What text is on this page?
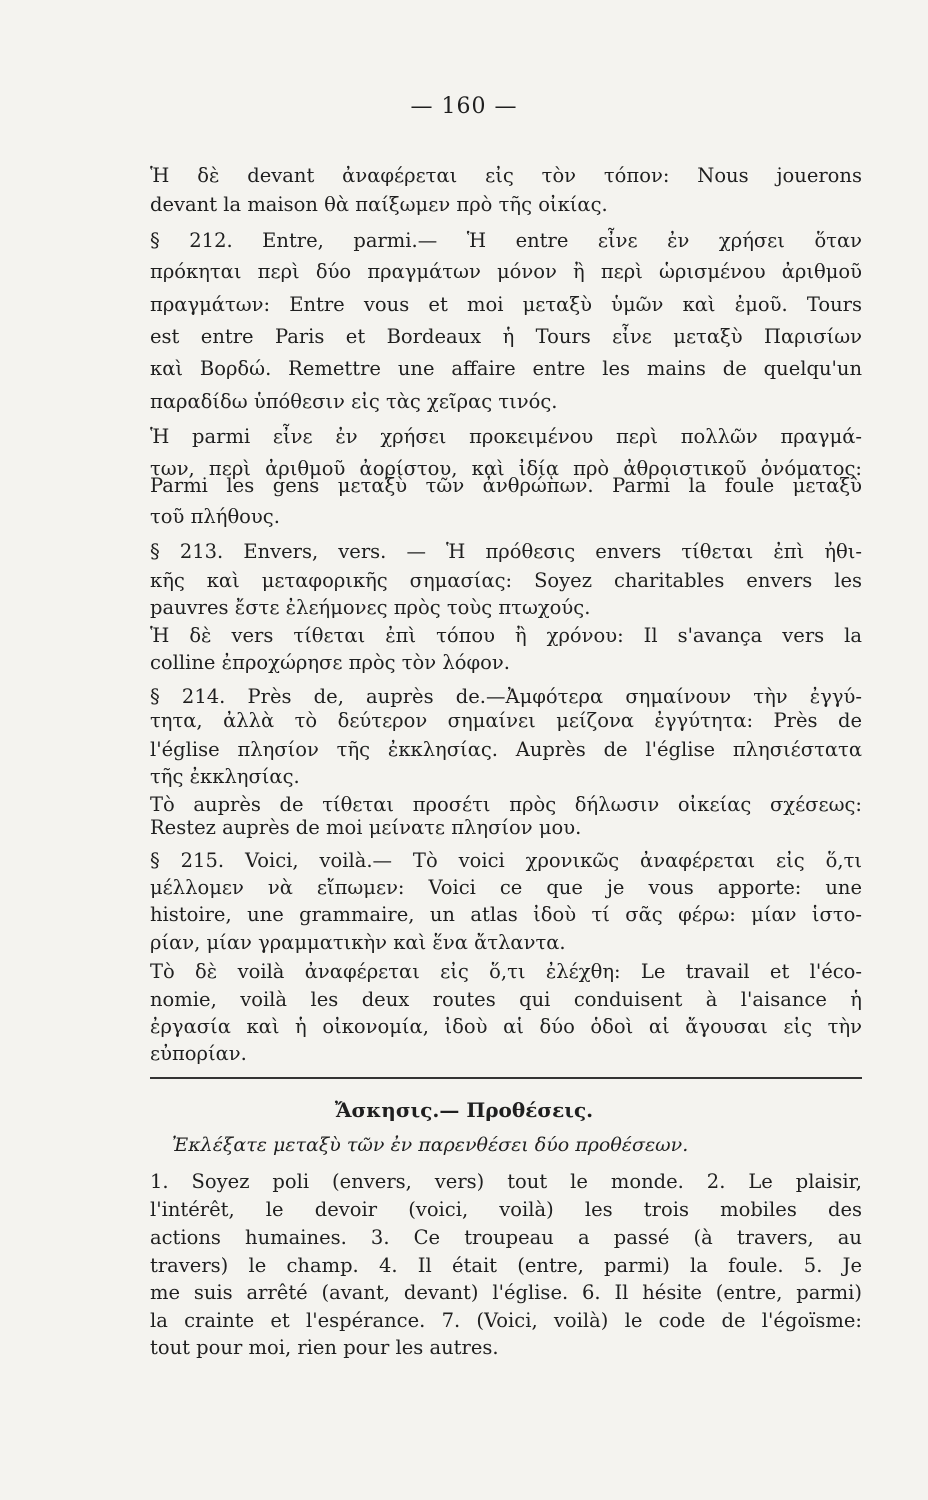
— 160 —
Ἡ δὲ devant ἀναφέρεται εἰς τὸν τόπον: Nous jouerons
devant la maison θὰ παίξωμεν πρὸ τῆς οἰκίας.
§ 212. Entre, parmi.— Ἡ entre εἶνε ἐν χρήσει ὅταν
πρόκηται περὶ δύο πραγμάτων μόνον ἢ περὶ ὡρισμένου ἀριθμοῦ
πραγμάτων: Entre vous et moi μεταξὺ ὑμῶν καὶ ἐμοῦ. Tours
est entre Paris et Bordeaux ἡ Tours εἶνε μεταξὺ Παρισίων
καὶ Βορδώ. Remettre une affaire entre les mains de quelqu'un
παραδίδω ὑπόθεσιν εἰς τὰς χεῖρας τινός.
Ἡ parmi εἶνε ἐν χρήσει προκειμένου περὶ πολλῶν πραγμά-
των, περὶ ἀριθμοῦ ἀορίστου, καὶ ἰδίᾳ πρὸ ἀθροιστικοῦ ὀνόματος:
Parmi les gens μεταξὺ τῶν ἀνθρώπων. Parmi la foule μεταξὺ
τοῦ πλήθους.
§ 213. Envers, vers. — Ἡ πρόθεσις envers τίθεται ἐπὶ ἠθι-
κῆς καὶ μεταφορικῆς σημασίας: Soyez charitables envers les
pauvres ἔστε ἐλεήμονες πρὸς τοὺς πτωχούς.
Ἡ δὲ vers τίθεται ἐπὶ τόπου ἢ χρόνου: Il s'avança vers la
colline ἐπροχώρησε πρὸς τὸν λόφον.
§ 214. Près de, auprès de.—Ἀμφότερα σημαίνουν τὴν ἐγγύ-
τητα, ἀλλὰ τὸ δεύτερον σημαίνει μείζονα ἐγγύτητα: Près de
l'église πλησίον τῆς ἐκκλησίας. Auprès de l'église πλησιέστατα
τῆς ἐκκλησίας.
Τὸ auprès de τίθεται προσέτι πρὸς δήλωσιν οἰκείας σχέσεως:
Restez auprès de moi μείνατε πλησίον μου.
§ 215. Voici, voilà.— Τὸ voici χρονικῶς ἀναφέρεται εἰς ὅ,τι
μέλλομεν νὰ εἴπωμεν: Voici ce que je vous apporte: une
histoire, une grammaire, un atlas ἰδοὺ τί σᾶς φέρω: μίαν ἱστο-
ρίαν, μίαν γραμματικὴν καὶ ἕνα ἄτλαντα.
Τὸ δὲ voilà ἀναφέρεται εἰς ὅ,τι ἐλέχθη: Le travail et l'éco-
nomie, voilà les deux routes qui conduisent à l'aisance ἡ
ἐργασία καὶ ἡ οἰκονομία, ἰδοὺ αἱ δύο ὁδοὶ αἱ ἄγουσαι εἰς τὴν
εὐπορίαν.
Ἄσκησις.— Προθέσεις.
Ἐκλέξατε μεταξὺ τῶν ἐν παρενθέσει δύο προθέσεων.
1. Soyez poli (envers, vers) tout le monde. 2. Le plaisir,
l'intérêt, le devoir (voici, voilà) les trois mobiles des
actions humaines. 3. Ce troupeau a passé (à travers, au
travers) le champ. 4. Il était (entre, parmi) la foule. 5. Je
me suis arrêté (avant, devant) l'église. 6. Il hésite (entre, parmi)
la crainte et l'espérance. 7. (Voici, voilà) le code de l'égoïsme:
tout pour moi, rien pour les autres.
